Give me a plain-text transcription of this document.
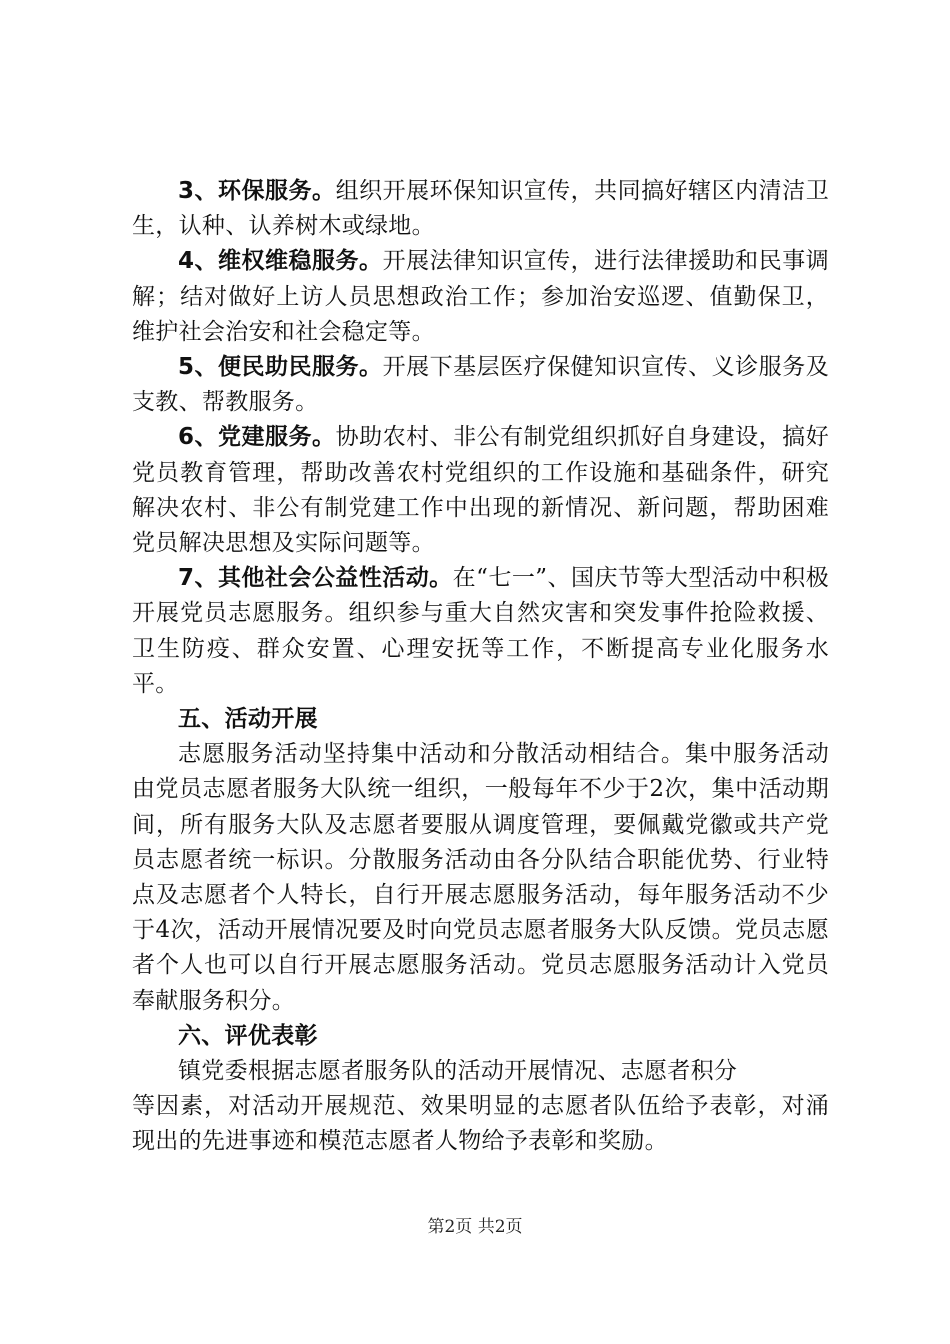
3、环保服务。组织开展环保知识宣传，共同搞好辖区内清洁卫生，认种、认养树木或绿地。

4、维权维稳服务。开展法律知识宣传，进行法律援助和民事调解；结对做好上访人员思想政治工作；参加治安巡逻、值勤保卫，维护社会治安和社会稳定等。

5、便民助民服务。开展下基层医疗保健知识宣传、义诊服务及支教、帮教服务。

6、党建服务。协助农村、非公有制党组织抓好自身建设，搞好党员教育管理，帮助改善农村党组织的工作设施和基础条件，研究解决农村、非公有制党建工作中出现的新情况、新问题，帮助困难党员解决思想及实际问题等。

7、其他社会公益性活动。在“七一”、国庆节等大型活动中积极开展党员志愿服务。组织参与重大自然灾害和突发事件抢险救援、卫生防疫、群众安置、心理安抚等工作，不断提高专业化服务水平。

五、活动开展

志愿服务活动坚持集中活动和分散活动相结合。集中服务活动由党员志愿者服务大队统一组织，一般每年不少于2次，集中活动期间，所有服务大队及志愿者要服从调度管理，要佩戴党徽或共产党员志愿者统一标识。分散服务活动由各分队结合职能优势、行业特点及志愿者个人特长，自行开展志愿服务活动，每年服务活动不少于4次，活动开展情况要及时向党员志愿者服务大队反馈。党员志愿者个人也可以自行开展志愿服务活动。党员志愿服务活动计入党员奉献服务积分。

六、评优表彰

镇党委根据志愿者服务队的活动开展情况、志愿者积分

等因素，对活动开展规范、效果明显的志愿者队伍给予表彰，对涌现出的先进事迹和模范志愿者人物给予表彰和奖励。

第2页 共2页
